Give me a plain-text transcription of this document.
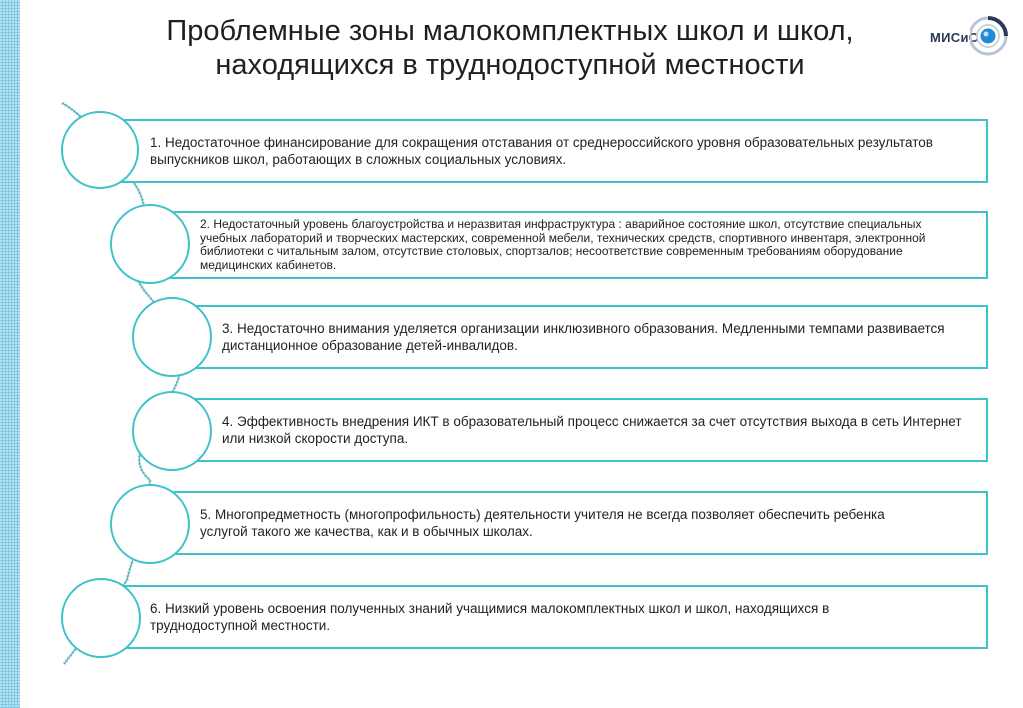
Проблемные зоны малокомплектных школ и школ,
находящихся в труднодоступной местности
МИСиС
1. Недостаточное финансирование для сокращения отставания от среднероссийского уровня образовательных результатов выпускников школ, работающих в сложных социальных условиях.
2. Недостаточный уровень благоустройства и неразвитая инфраструктура : аварийное состояние школ, отсутствие специальных учебных лабораторий и творческих мастерских, современной мебели, технических средств, спортивного инвентаря, электронной библиотеки с читальным залом, отсутствие столовых, спортзалов; несоответствие современным требованиям оборудование медицинских кабинетов.
3. Недостаточно внимания уделяется организации инклюзивного образования. Медленными темпами развивается дистанционное образование детей-инвалидов.
4. Эффективность внедрения ИКТ в образовательный процесс снижается за счет отсутствия выхода в сеть Интернет или низкой скорости доступа.
5. Многопредметность (многопрофильность) деятельности учителя не всегда позволяет обеспечить ребенка услугой такого же качества, как и в обычных школах.
6. Низкий уровень освоения полученных знаний учащимися малокомплектных школ и школ, находящихся в труднодоступной местности.
